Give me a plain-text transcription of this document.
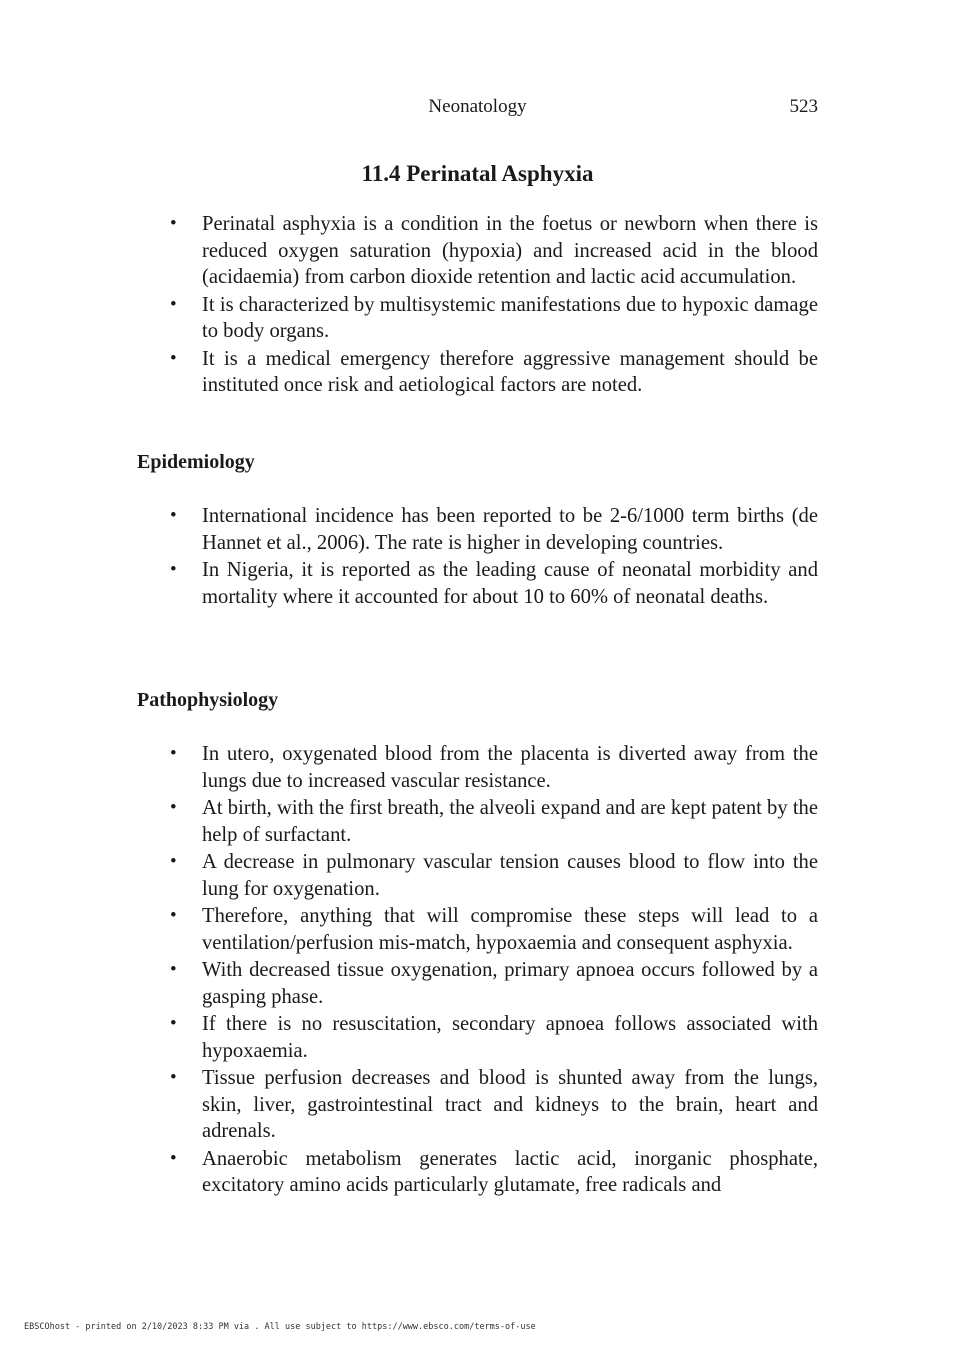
Neonatology	523
11.4 Perinatal Asphyxia
• Perinatal asphyxia is a condition in the foetus or newborn when there is reduced oxygen saturation (hypoxia) and increased acid in the blood (acidaemia) from carbon dioxide retention and lactic acid accumulation.
• It is characterized by multisystemic manifestations due to hypoxic damage to body organs.
• It is a medical emergency therefore aggressive management should be instituted once risk and aetiological factors are noted.
Epidemiology
• International incidence has been reported to be 2-6/1000 term births (de Hannet et al., 2006). The rate is higher in developing countries.
• In Nigeria, it is reported as the leading cause of neonatal morbidity and mortality where it accounted for about 10 to 60% of neonatal deaths.
Pathophysiology
• In utero, oxygenated blood from the placenta is diverted away from the lungs due to increased vascular resistance.
• At birth, with the first breath, the alveoli expand and are kept patent by the help of surfactant.
• A decrease in pulmonary vascular tension causes blood to flow into the lung for oxygenation.
• Therefore, anything that will compromise these steps will lead to a ventilation/perfusion mis-match, hypoxaemia and consequent asphyxia.
• With decreased tissue oxygenation, primary apnoea occurs followed by a gasping phase.
• If there is no resuscitation, secondary apnoea follows associated with hypoxaemia.
• Tissue perfusion decreases and blood is shunted away from the lungs, skin, liver, gastrointestinal tract and kidneys to the brain, heart and adrenals.
• Anaerobic metabolism generates lactic acid, inorganic phosphate, excitatory amino acids particularly glutamate, free radicals and
EBSCOhost - printed on 2/10/2023 8:33 PM via . All use subject to https://www.ebsco.com/terms-of-use
